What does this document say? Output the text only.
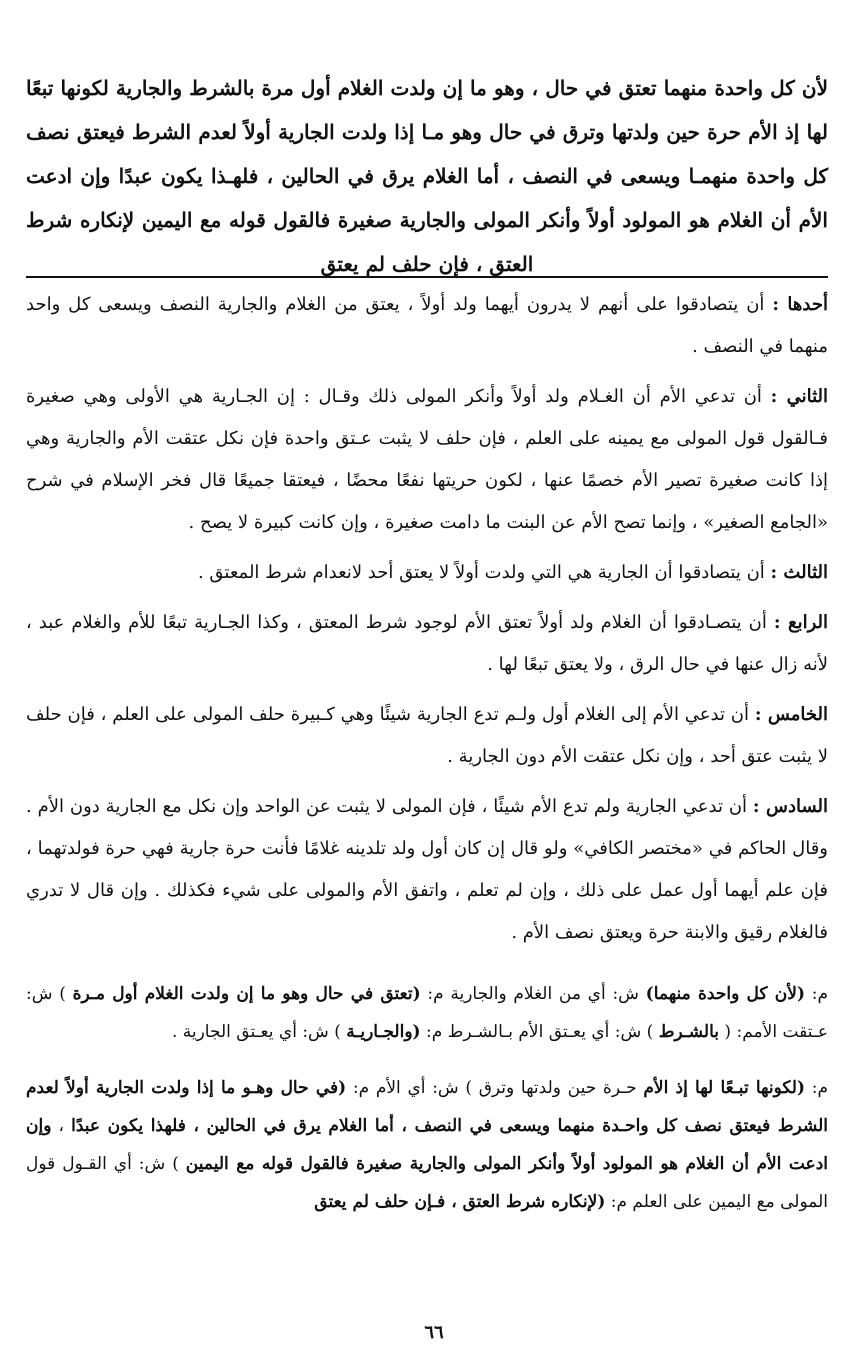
لأن كل واحدة منهما تعتق في حال ، وهو ما إن ولدت الغلام أول مرة بالشرط والجارية لكونها تبعًا لها إذ الأم حرة حين ولدتها وترق في حال وهو مـا إذا ولدت الجارية أولاً لعدم الشرط فيعتق نصف كل واحدة منهمـا ويسعى في النصف ، أما الغلام يرق في الحالين ، فلهـذا يكون عبدًا وإن ادعت الأم أن الغلام هو المولود أولاً وأنكر المولى والجارية صغيرة فالقول قوله مع اليمين لإنكاره شرط العتق ، فإن حلف لم يعتق

أحدها : أن يتصادقوا على أنهم لا يدرون أيهما ولد أولاً ، يعتق من الغلام والجارية النصف ويسعى كل واحد منهما في النصف .

الثاني : أن تدعي الأم أن الغـلام ولد أولاً وأنكر المولى ذلك وقـال : إن الجـارية هي الأولى وهي صغيرة فـالقول قول المولى مع يمينه على العلم ، فإن حلف لا يثبت عـتق واحدة فإن نكل عتقت الأم والجارية وهي إذا كانت صغيرة تصير الأم خصمًا عنها ، لكون حريتها نفعًا محضًا ، فيعتقا جميعًا قال فخر الإسلام في شرح «الجامع الصغير» ، وإنما تصح الأم عن البنت ما دامت صغيرة ، وإن كانت كبيرة لا يصح .

الثالث : أن يتصادقوا أن الجارية هي التي ولدت أولاً لا يعتق أحد لانعدام شرط المعتق .

الرابع : أن يتصـادقوا أن الغلام ولد أولاً تعتق الأم لوجود شرط المعتق ، وكذا الجـارية تبعًا للأم والغلام عبد ، لأنه زال عنها في حال الرق ، ولا يعتق تبعًا لها .

الخامس : أن تدعي الأم إلى الغلام أول ولـم تدع الجارية شيئًا وهي كـبيرة حلف المولى على العلم ، فإن حلف لا يثبت عتق أحد ، وإن نكل عتقت الأم دون الجارية .

السادس : أن تدعي الجارية ولم تدع الأم شيئًا ، فإن المولى لا يثبت عن الواحد وإن نكل مع الجارية دون الأم . وقال الحاكم في «مختصر الكافي» ولو قال إن كان أول ولد تلدينه غلامًا فأنت حرة جارية فهي حرة فولدتهما ، فإن علم أيهما أول عمل على ذلك ، وإن لم تعلم ، واتفق الأم والمولى على شيء فكذلك . وإن قال لا تدري فالغلام رقيق والابنة حرة ويعتق نصف الأم .

م: (لأن كل واحدة منهما) ش: أي من الغلام والجارية م: (تعتق في حال وهو ما إن ولدت الغلام أول مـرة ) ش: عـتقت الأمم: ( بالشـرط ) ش: أي يعـتق الأم بـالشـرط م: (والجـاريـة ) ش: أي يعـتق الجارية .

م: (لكونها تبـعًا لها إذ الأم حـرة حين ولدتها وترق ) ش: أي الأم م: (في حال وهـو ما إذا ولدت الجارية أولاً لعدم الشرط فيعتق نصف كل واحـدة منهما ويسعى في النصف ، أما الغلام يرق في الحالين ، فلهذا يكون عبدًا ، وإن ادعت الأم أن الغلام هو المولود أولاً وأنكر المولى والجارية صغيرة فالقول قوله مع اليمين ) ش: أي القـول قول المولى مع اليمين على العلم م: (لإنكاره شرط العتق ، فـإن حلف لم يعتق

٦٦
